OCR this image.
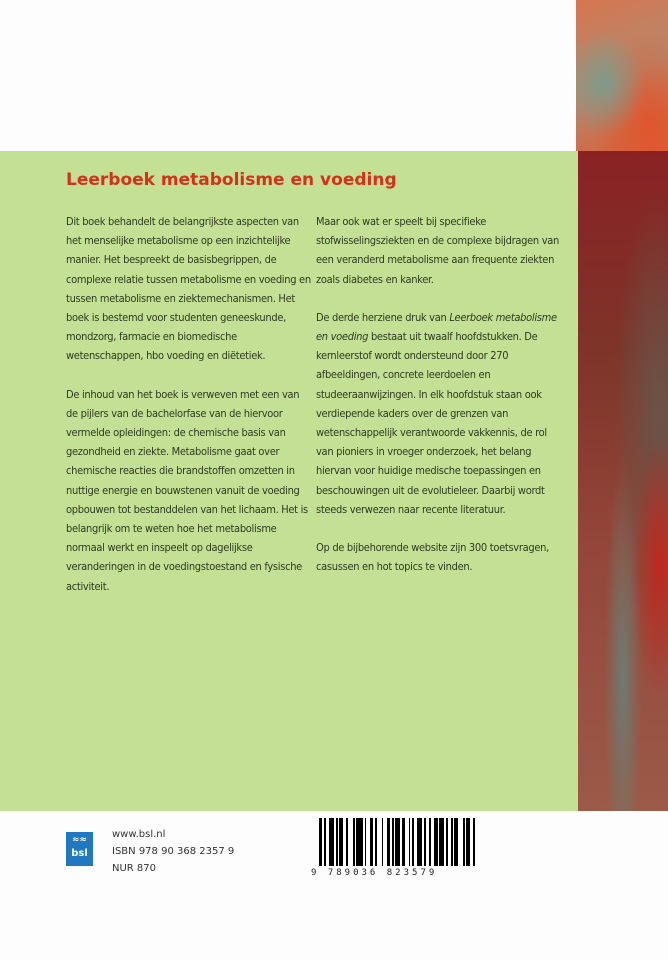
Leerboek metabolisme en voeding

Dit boek behandelt de belangrijkste aspecten van het menselijke metabolisme op een inzichtelijke manier. Het bespreekt de basisbegrippen, de complexe relatie tussen metabolisme en voeding en tussen metabolisme en ziektemechanismen. Het boek is bestemd voor studenten geneeskunde, mondzorg, farmacie en biomedische wetenschappen, hbo voeding en diëtetiek.

De inhoud van het boek is verweven met een van de pijlers van de bachelorfase van de hiervoor vermelde opleidingen: de chemische basis van gezondheid en ziekte. Metabolisme gaat over chemische reacties die brandstoffen omzetten in nuttige energie en bouwstenen vanuit de voeding opbouwen tot bestanddelen van het lichaam. Het is belangrijk om te weten hoe het metabolisme normaal werkt en inspeelt op dagelijkse veranderingen in de voedingstoestand en fysische activiteit.

Maar ook wat er speelt bij specifieke stofwisselingsziekten en de complexe bijdragen van een veranderd metabolisme aan frequente ziekten zoals diabetes en kanker.

De derde herziene druk van Leerboek metabolisme en voeding bestaat uit twaalf hoofdstukken. De kernleerstof wordt ondersteund door 270 afbeeldingen, concrete leerdoelen en studeeraanwijzingen. In elk hoofdstuk staan ook verdiepende kaders over de grenzen van wetenschappelijk verantwoorde vakkennis, de rol van pioniers in vroeger onderzoek, het belang hiervan voor huidige medische toepassingen en beschouwingen uit de evolutieleer. Daarbij wordt steeds verwezen naar recente literatuur.

Op de bijbehorende website zijn 300 toetsvragen, casussen en hot topics te vinden.

≈≈
bsl
www.bsl.nl
ISBN 978 90 368 2357 9
NUR 870	9 789036 823579
